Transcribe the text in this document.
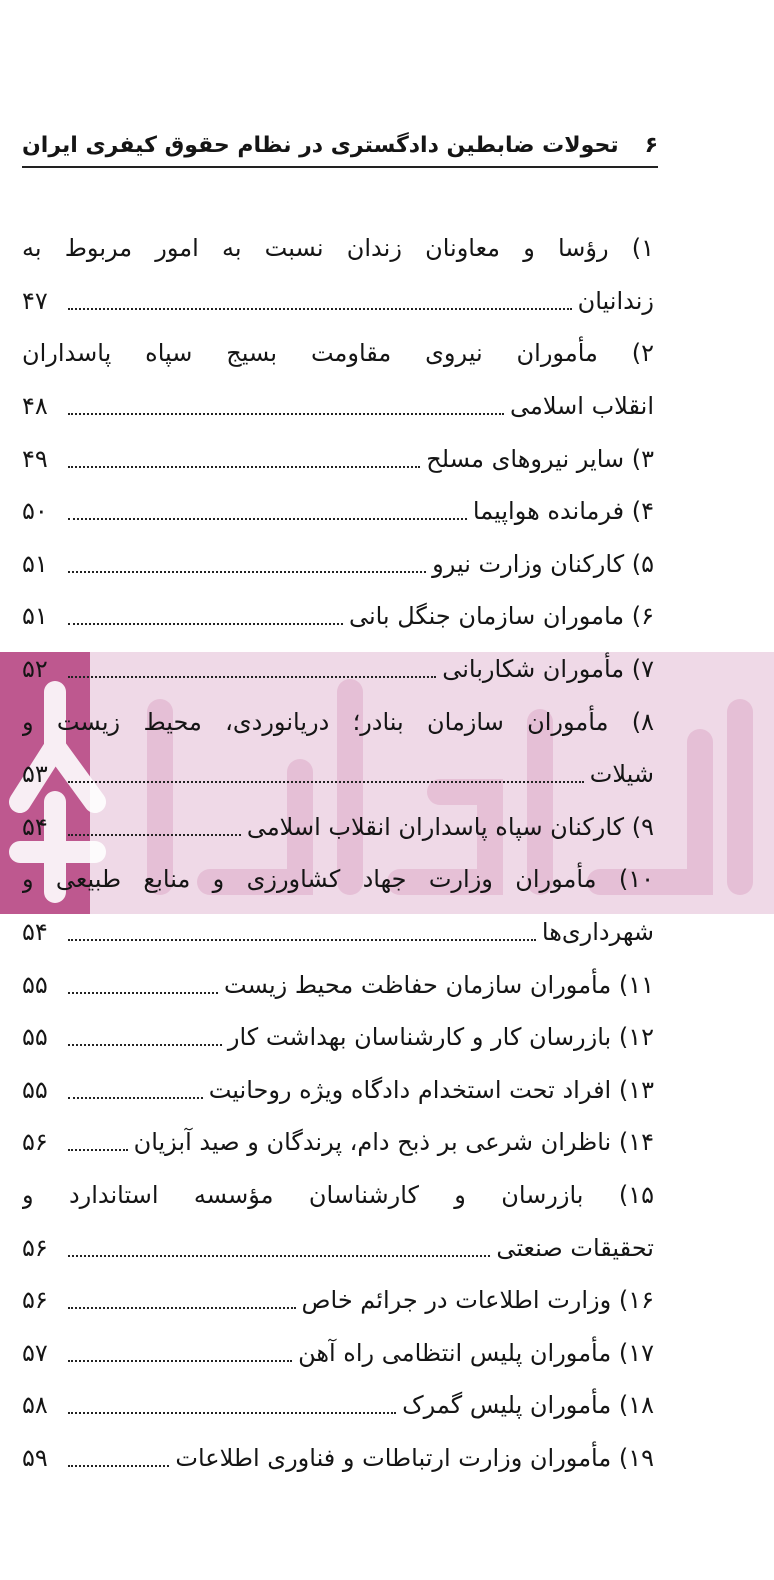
۶
تحولات ضابطین دادگستری در نظام حقوق کیفری ایران
۱) رؤسا و معاونان زندان نسبت به امور مربوط به
زندانیان
۴۷
۲) مأموران نیروی مقاومت بسیج سپاه پاسداران
انقلاب اسلامی
۴۸
۳) سایر نیروهای مسلح
۴۹
۴) فرمانده هواپیما
۵۰
۵) کارکنان وزارت نیرو
۵۱
۶) ماموران سازمان جنگل بانی
۵۱
۷) مأموران شکاربانی
۵۲
۸) مأموران سازمان بنادر؛ دریانوردی، محیط زیست و
شیلات
۵۳
۹) کارکنان سپاه پاسداران انقلاب اسلامی
۵۴
۱۰) مأموران وزارت جهاد کشاورزی و منابع طبیعی و
شهرداری‌ها
۵۴
۱۱) مأموران سازمان حفاظت محیط زیست
۵۵
۱۲) بازرسان کار و کارشناسان بهداشت کار
۵۵
۱۳) افراد تحت استخدام دادگاه ویژه روحانیت
۵۵
۱۴) ناظران شرعی بر ذبح دام، پرندگان و صید آبزیان
۵۶
۱۵) بازرسان و کارشناسان مؤسسه استاندارد و
تحقیقات صنعتی
۵۶
۱۶) وزارت اطلاعات در جرائم خاص
۵۶
۱۷) مأموران پلیس انتظامی راه آهن
۵۷
۱۸) مأموران پلیس گمرک
۵۸
۱۹) مأموران وزارت ارتباطات و فناوری اطلاعات
۵۹
